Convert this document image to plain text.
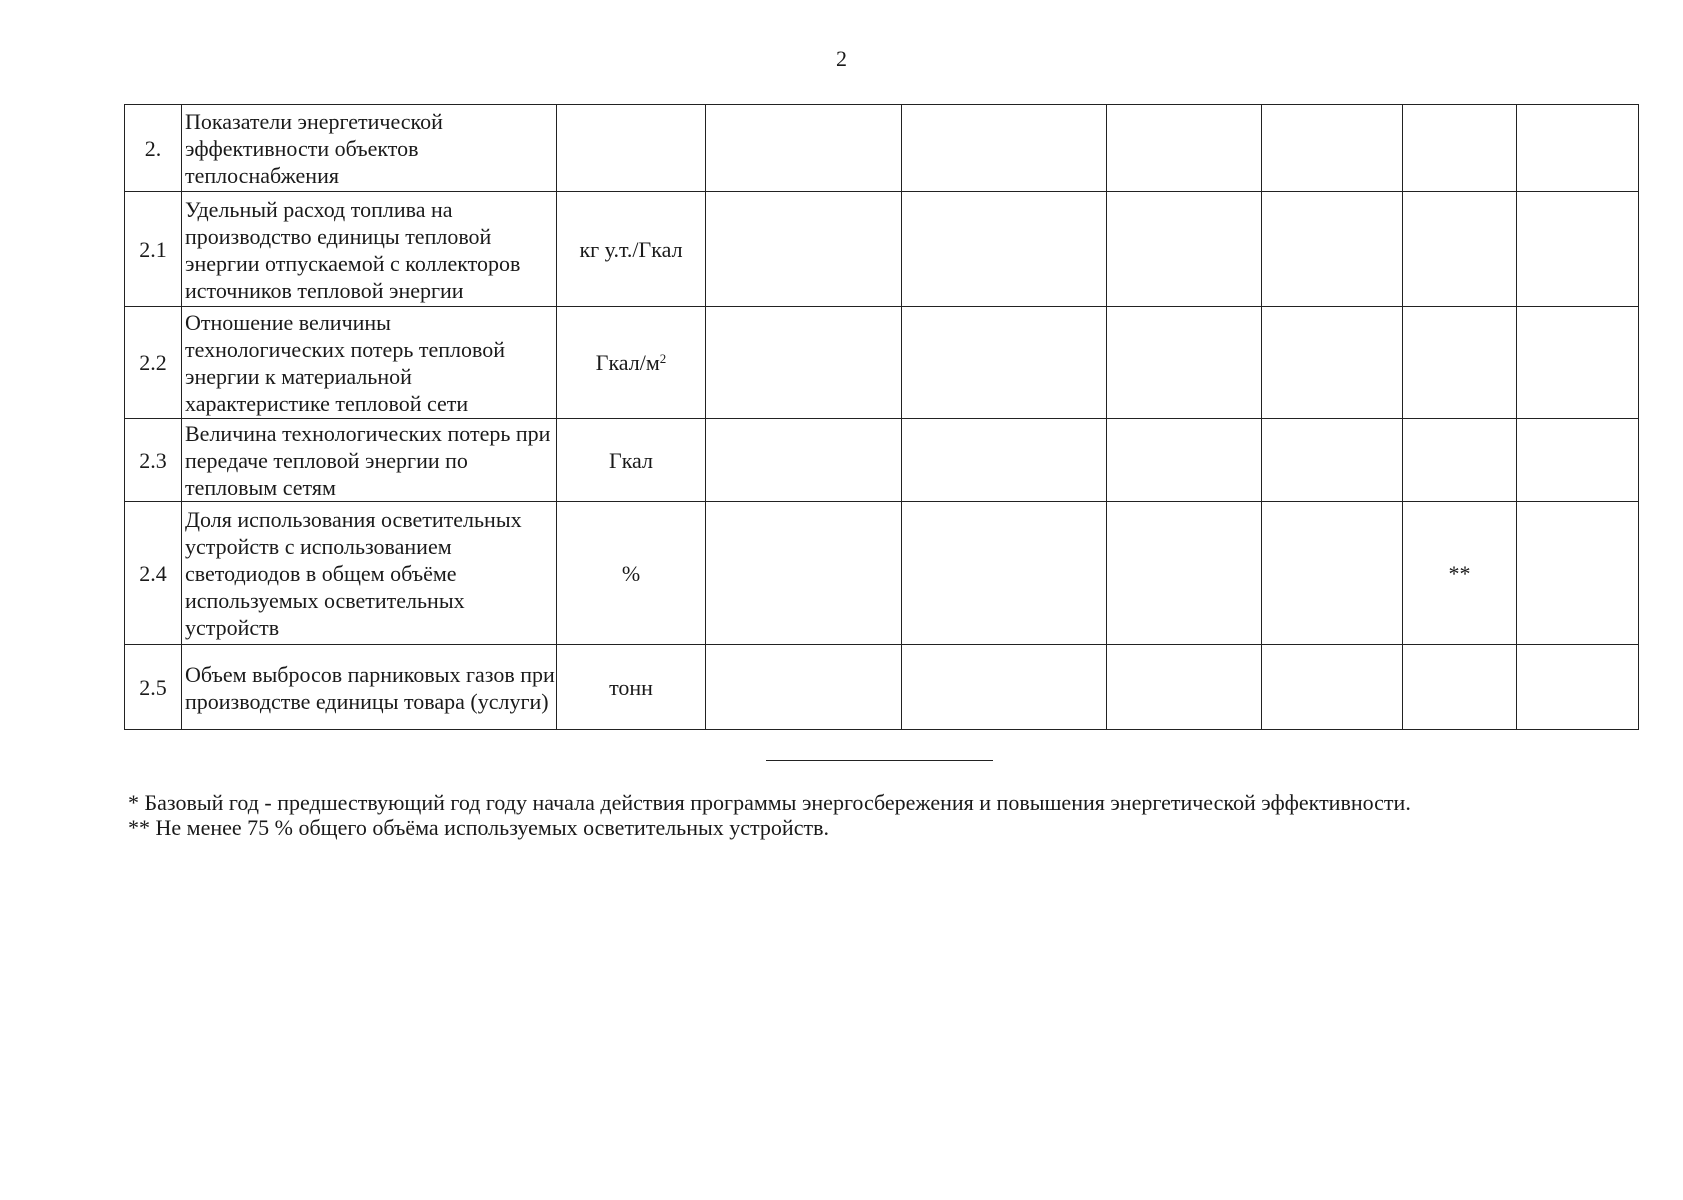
2
2.	Показатели энергетической эффективности объектов теплоснабжения								
2.1	Удельный расход топлива на производство единицы тепловой энергии отпускаемой с коллекторов источников тепловой энергии	кг у.т./Гкал							
2.2	Отношение величины технологических потерь тепловой энергии к материальной характеристике тепловой сети	Гкал/$м^2$							
2.3	Величина технологических потерь при передаче тепловой энергии по тепловым сетям	Гкал							
2.4	Доля использования осветительных устройств с использованием светодиодов в общем объёме используемых осветительных устройств	%					**		
2.5	Объем выбросов парниковых газов при производстве единицы товара (услуги)	тонн							

* Базовый год - предшествующий год году начала действия программы энергосбережения и повышения энергетической эффективности.

** Не менее 75 % общего объёма используемых осветительных устройств.
